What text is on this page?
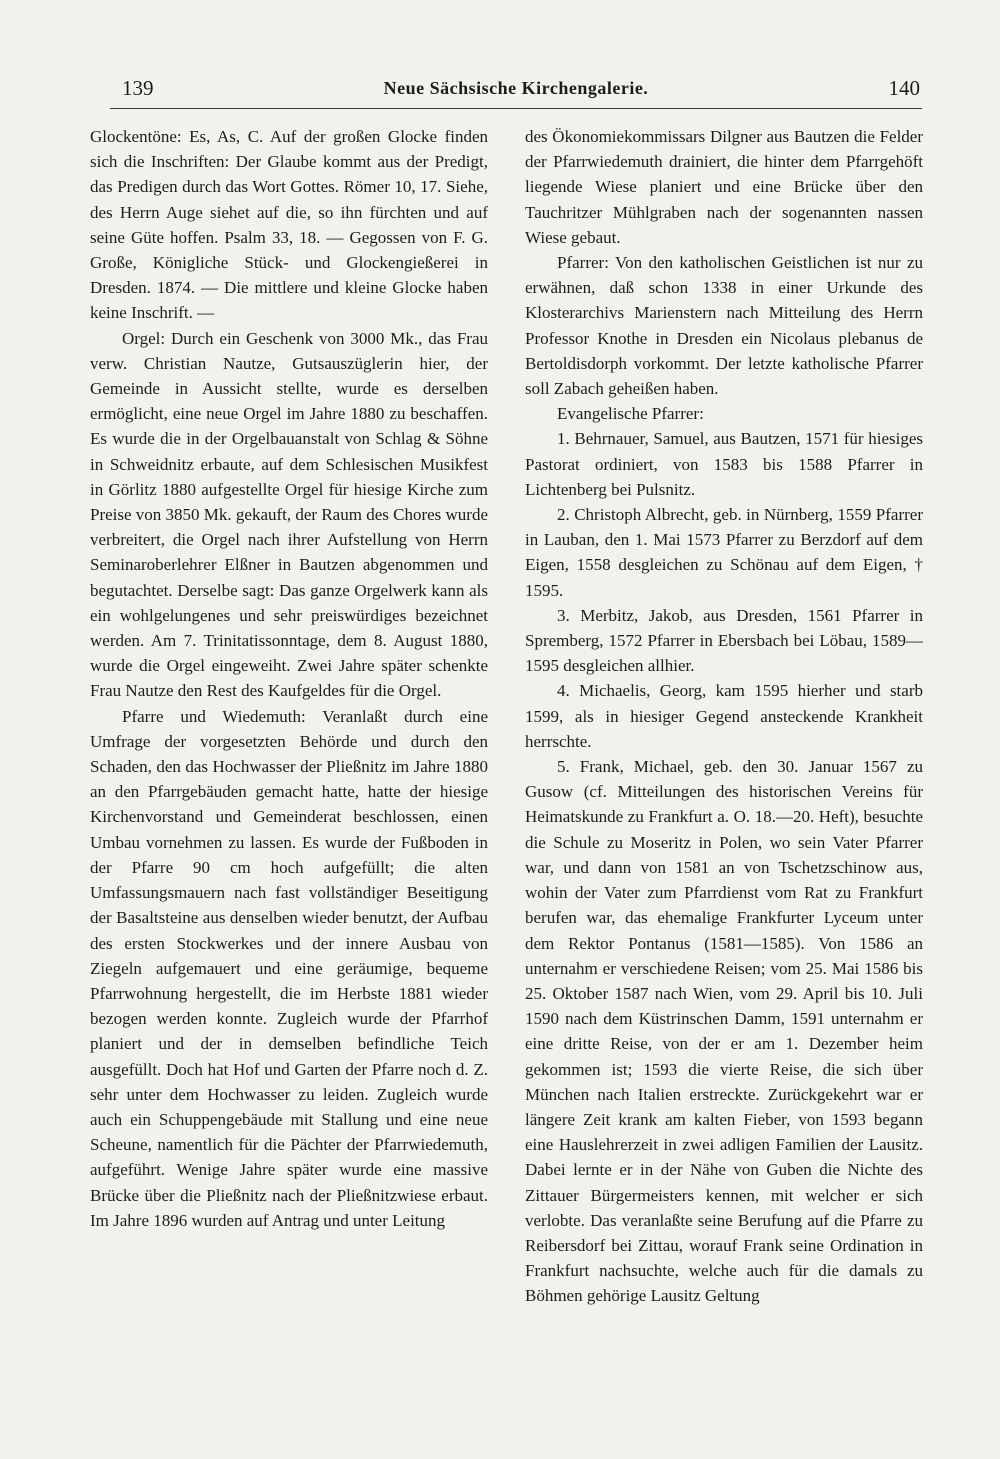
139	Neue Sächsische Kirchengalerie.	140

Glockentöne: Es, As, C. Auf der großen Glocke finden sich die Inschriften: Der Glaube kommt aus der Predigt, das Predigen durch das Wort Gottes. Römer 10, 17. Siehe, des Herrn Auge siehet auf die, so ihn fürchten und auf seine Güte hoffen. Psalm 33, 18. — Gegossen von F. G. Große, Königliche Stück- und Glockengießerei in Dresden. 1874. — Die mittlere und kleine Glocke haben keine Inschrift. —

Orgel: Durch ein Geschenk von 3000 Mk., das Frau verw. Christian Nautze, Gutsauszüglerin hier, der Gemeinde in Aussicht stellte, wurde es derselben ermöglicht, eine neue Orgel im Jahre 1880 zu beschaffen. Es wurde die in der Orgelbauanstalt von Schlag & Söhne in Schweidnitz erbaute, auf dem Schlesischen Musikfest in Görlitz 1880 aufgestellte Orgel für hiesige Kirche zum Preise von 3850 Mk. gekauft, der Raum des Chores wurde verbreitert, die Orgel nach ihrer Aufstellung von Herrn Seminaroberlehrer Elßner in Bautzen abgenommen und begutachtet. Derselbe sagt: Das ganze Orgelwerk kann als ein wohlgelungenes und sehr preiswürdiges bezeichnet werden. Am 7. Trinitatissonntage, dem 8. August 1880, wurde die Orgel eingeweiht. Zwei Jahre später schenkte Frau Nautze den Rest des Kaufgeldes für die Orgel.

Pfarre und Wiedemuth: Veranlaßt durch eine Umfrage der vorgesetzten Behörde und durch den Schaden, den das Hochwasser der Pließnitz im Jahre 1880 an den Pfarrgebäuden gemacht hatte, hatte der hiesige Kirchenvorstand und Gemeinderat beschlossen, einen Umbau vornehmen zu lassen. Es wurde der Fußboden in der Pfarre 90 cm hoch aufgefüllt; die alten Umfassungsmauern nach fast vollständiger Beseitigung der Basaltsteine aus denselben wieder benutzt, der Aufbau des ersten Stockwerkes und der innere Ausbau von Ziegeln aufgemauert und eine geräumige, bequeme Pfarrwohnung hergestellt, die im Herbste 1881 wieder bezogen werden konnte. Zugleich wurde der Pfarrhof planiert und der in demselben befindliche Teich ausgefüllt. Doch hat Hof und Garten der Pfarre noch d. Z. sehr unter dem Hochwasser zu leiden. Zugleich wurde auch ein Schuppengebäude mit Stallung und eine neue Scheune, namentlich für die Pächter der Pfarrwiedemuth, aufgeführt. Wenige Jahre später wurde eine massive Brücke über die Pließnitz nach der Pließnitzwiese erbaut. Im Jahre 1896 wurden auf Antrag und unter Leitung

des Ökonomiekommissars Dilgner aus Bautzen die Felder der Pfarrwiedemuth drainiert, die hinter dem Pfarrgehöft liegende Wiese planiert und eine Brücke über den Tauchritzer Mühlgraben nach der sogenannten nassen Wiese gebaut.

Pfarrer: Von den katholischen Geistlichen ist nur zu erwähnen, daß schon 1338 in einer Urkunde des Klosterarchivs Marienstern nach Mitteilung des Herrn Professor Knothe in Dresden ein Nicolaus plebanus de Bertoldisdorph vorkommt. Der letzte katholische Pfarrer soll Zabach geheißen haben.

Evangelische Pfarrer:

1. Behrnauer, Samuel, aus Bautzen, 1571 für hiesiges Pastorat ordiniert, von 1583 bis 1588 Pfarrer in Lichtenberg bei Pulsnitz.

2. Christoph Albrecht, geb. in Nürnberg, 1559 Pfarrer in Lauban, den 1. Mai 1573 Pfarrer zu Berzdorf auf dem Eigen, 1558 desgleichen zu Schönau auf dem Eigen, † 1595.

3. Merbitz, Jakob, aus Dresden, 1561 Pfarrer in Spremberg, 1572 Pfarrer in Ebersbach bei Löbau, 1589—1595 desgleichen allhier.

4. Michaelis, Georg, kam 1595 hierher und starb 1599, als in hiesiger Gegend ansteckende Krankheit herrschte.

5. Frank, Michael, geb. den 30. Januar 1567 zu Gusow (cf. Mitteilungen des historischen Vereins für Heimatskunde zu Frankfurt a. O. 18.—20. Heft), besuchte die Schule zu Moseritz in Polen, wo sein Vater Pfarrer war, und dann von 1581 an von Tschetzschinow aus, wohin der Vater zum Pfarrdienst vom Rat zu Frankfurt berufen war, das ehemalige Frankfurter Lyceum unter dem Rektor Pontanus (1581—1585). Von 1586 an unternahm er verschiedene Reisen; vom 25. Mai 1586 bis 25. Oktober 1587 nach Wien, vom 29. April bis 10. Juli 1590 nach dem Küstrinschen Damm, 1591 unternahm er eine dritte Reise, von der er am 1. Dezember heim gekommen ist; 1593 die vierte Reise, die sich über München nach Italien erstreckte. Zurückgekehrt war er längere Zeit krank am kalten Fieber, von 1593 begann eine Hauslehrerzeit in zwei adligen Familien der Lausitz. Dabei lernte er in der Nähe von Guben die Nichte des Zittauer Bürgermeisters kennen, mit welcher er sich verlobte. Das veranlaßte seine Berufung auf die Pfarre zu Reibersdorf bei Zittau, worauf Frank seine Ordination in Frankfurt nachsuchte, welche auch für die damals zu Böhmen gehörige Lausitz Geltung
